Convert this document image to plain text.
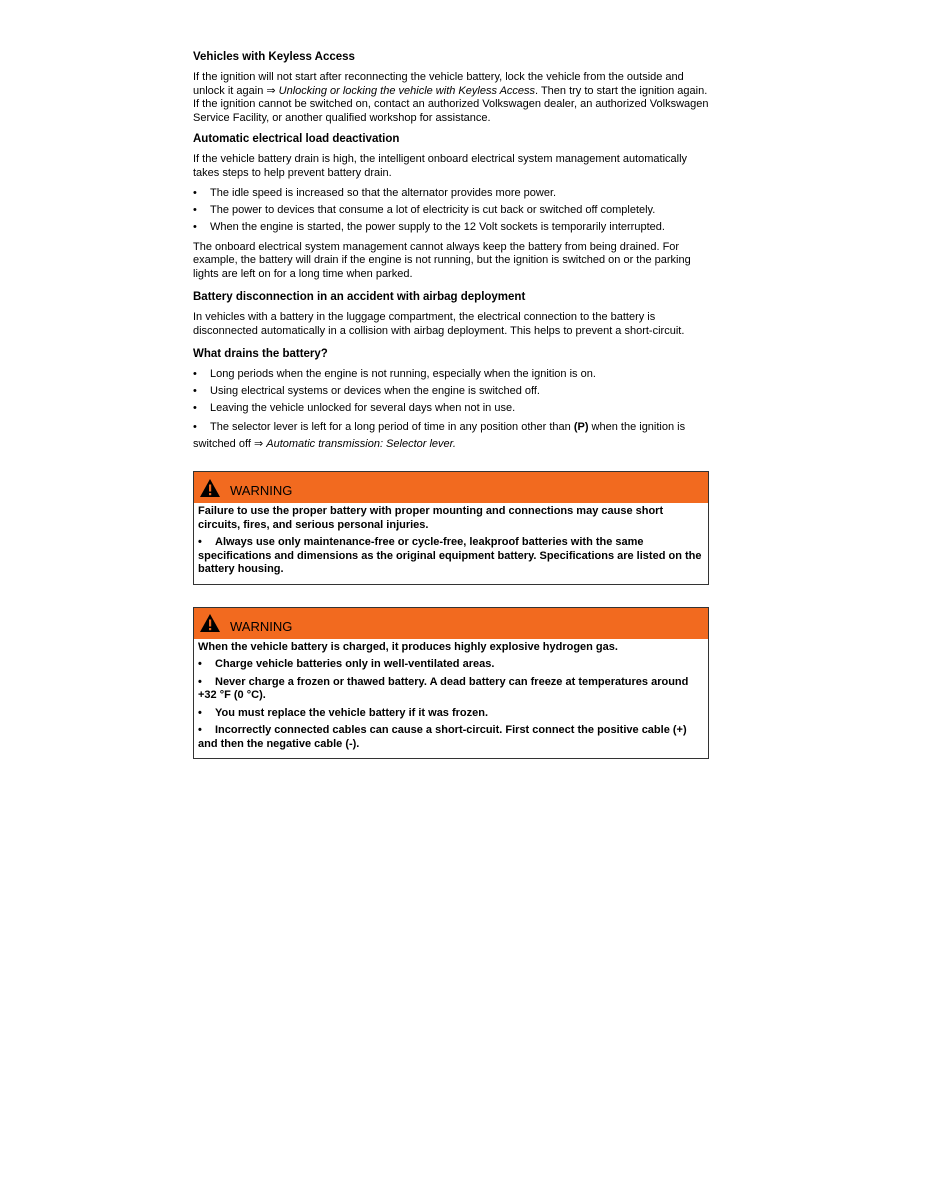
Vehicles with Keyless Access

If the ignition will not start after reconnecting the vehicle battery, lock the vehicle from the outside and unlock it again ⇒ Unlocking or locking the vehicle with Keyless Access. Then try to start the ignition again. If the ignition cannot be switched on, contact an authorized Volkswagen dealer, an authorized Volkswagen Service Facility, or another qualified workshop for assistance.

Automatic electrical load deactivation

If the vehicle battery drain is high, the intelligent onboard electrical system management automatically takes steps to help prevent battery drain.

• The idle speed is increased so that the alternator provides more power.
• The power to devices that consume a lot of electricity is cut back or switched off completely.
• When the engine is started, the power supply to the 12 Volt sockets is temporarily interrupted.

The onboard electrical system management cannot always keep the battery from being drained. For example, the battery will drain if the engine is not running, but the ignition is switched on or the parking lights are left on for a long time when parked.

Battery disconnection in an accident with airbag deployment

In vehicles with a battery in the luggage compartment, the electrical connection to the battery is disconnected automatically in a collision with airbag deployment. This helps to prevent a short-circuit.

What drains the battery?
• Long periods when the engine is not running, especially when the ignition is on.
• Using electrical systems or devices when the engine is switched off.
• Leaving the vehicle unlocked for several days when not in use.
• The selector lever is left for a long period of time in any position other than (P) when the ignition is switched off ⇒ Automatic transmission: Selector lever.
WARNING

Failure to use the proper battery with proper mounting and connections may cause short circuits, fires, and serious personal injuries.

• Always use only maintenance-free or cycle-free, leakproof batteries with the same specifications and dimensions as the original equipment battery. Specifications are listed on the battery housing.
WARNING

When the vehicle battery is charged, it produces highly explosive hydrogen gas.

• Charge vehicle batteries only in well-ventilated areas.
• Never charge a frozen or thawed battery. A dead battery can freeze at temperatures around +32 °F (0 °C).
• You must replace the vehicle battery if it was frozen.
• Incorrectly connected cables can cause a short-circuit. First connect the positive cable (+) and then the negative cable (-).
